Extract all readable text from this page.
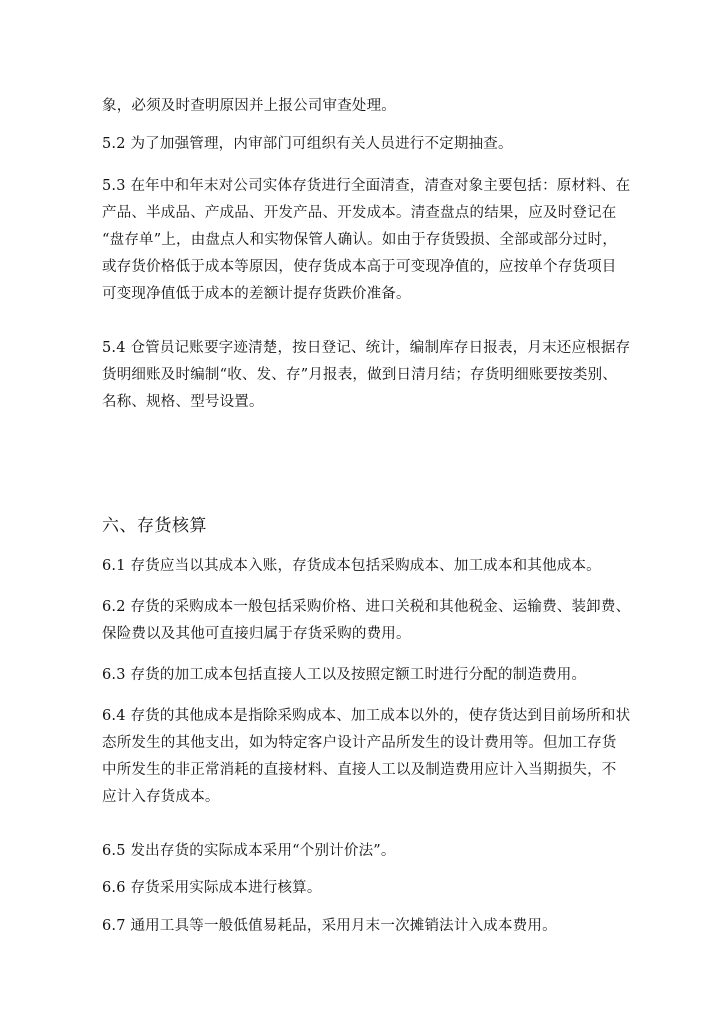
象，必须及时查明原因并上报公司审查处理。

5.2 为了加强管理，内审部门可组织有关人员进行不定期抽查。

5.3 在年中和年末对公司实体存货进行全面清查，清查对象主要包括：原材料、在
产品、半成品、产成品、开发产品、开发成本。清查盘点的结果，应及时登记在
“盘存单”上，由盘点人和实物保管人确认。如由于存货毁损、全部或部分过时，
或存货价格低于成本等原因，使存货成本高于可变现净值的，应按单个存货项目
可变现净值低于成本的差额计提存货跌价准备。

5.4 仓管员记账要字迹清楚，按日登记、统计，编制库存日报表，月末还应根据存
货明细账及时编制“收、发、存”月报表，做到日清月结；存货明细账要按类别、
名称、规格、型号设置。

六、存货核算

6.1 存货应当以其成本入账，存货成本包括采购成本、加工成本和其他成本。

6.2 存货的采购成本一般包括采购价格、进口关税和其他税金、运输费、装卸费、
保险费以及其他可直接归属于存货采购的费用。

6.3 存货的加工成本包括直接人工以及按照定额工时进行分配的制造费用。

6.4 存货的其他成本是指除采购成本、加工成本以外的，使存货达到目前场所和状
态所发生的其他支出，如为特定客户设计产品所发生的设计费用等。但加工存货
中所发生的非正常消耗的直接材料、直接人工以及制造费用应计入当期损失，不
应计入存货成本。

6.5 发出存货的实际成本采用“个别计价法”。

6.6 存货采用实际成本进行核算。

6.7 通用工具等一般低值易耗品，采用月末一次摊销法计入成本费用。
